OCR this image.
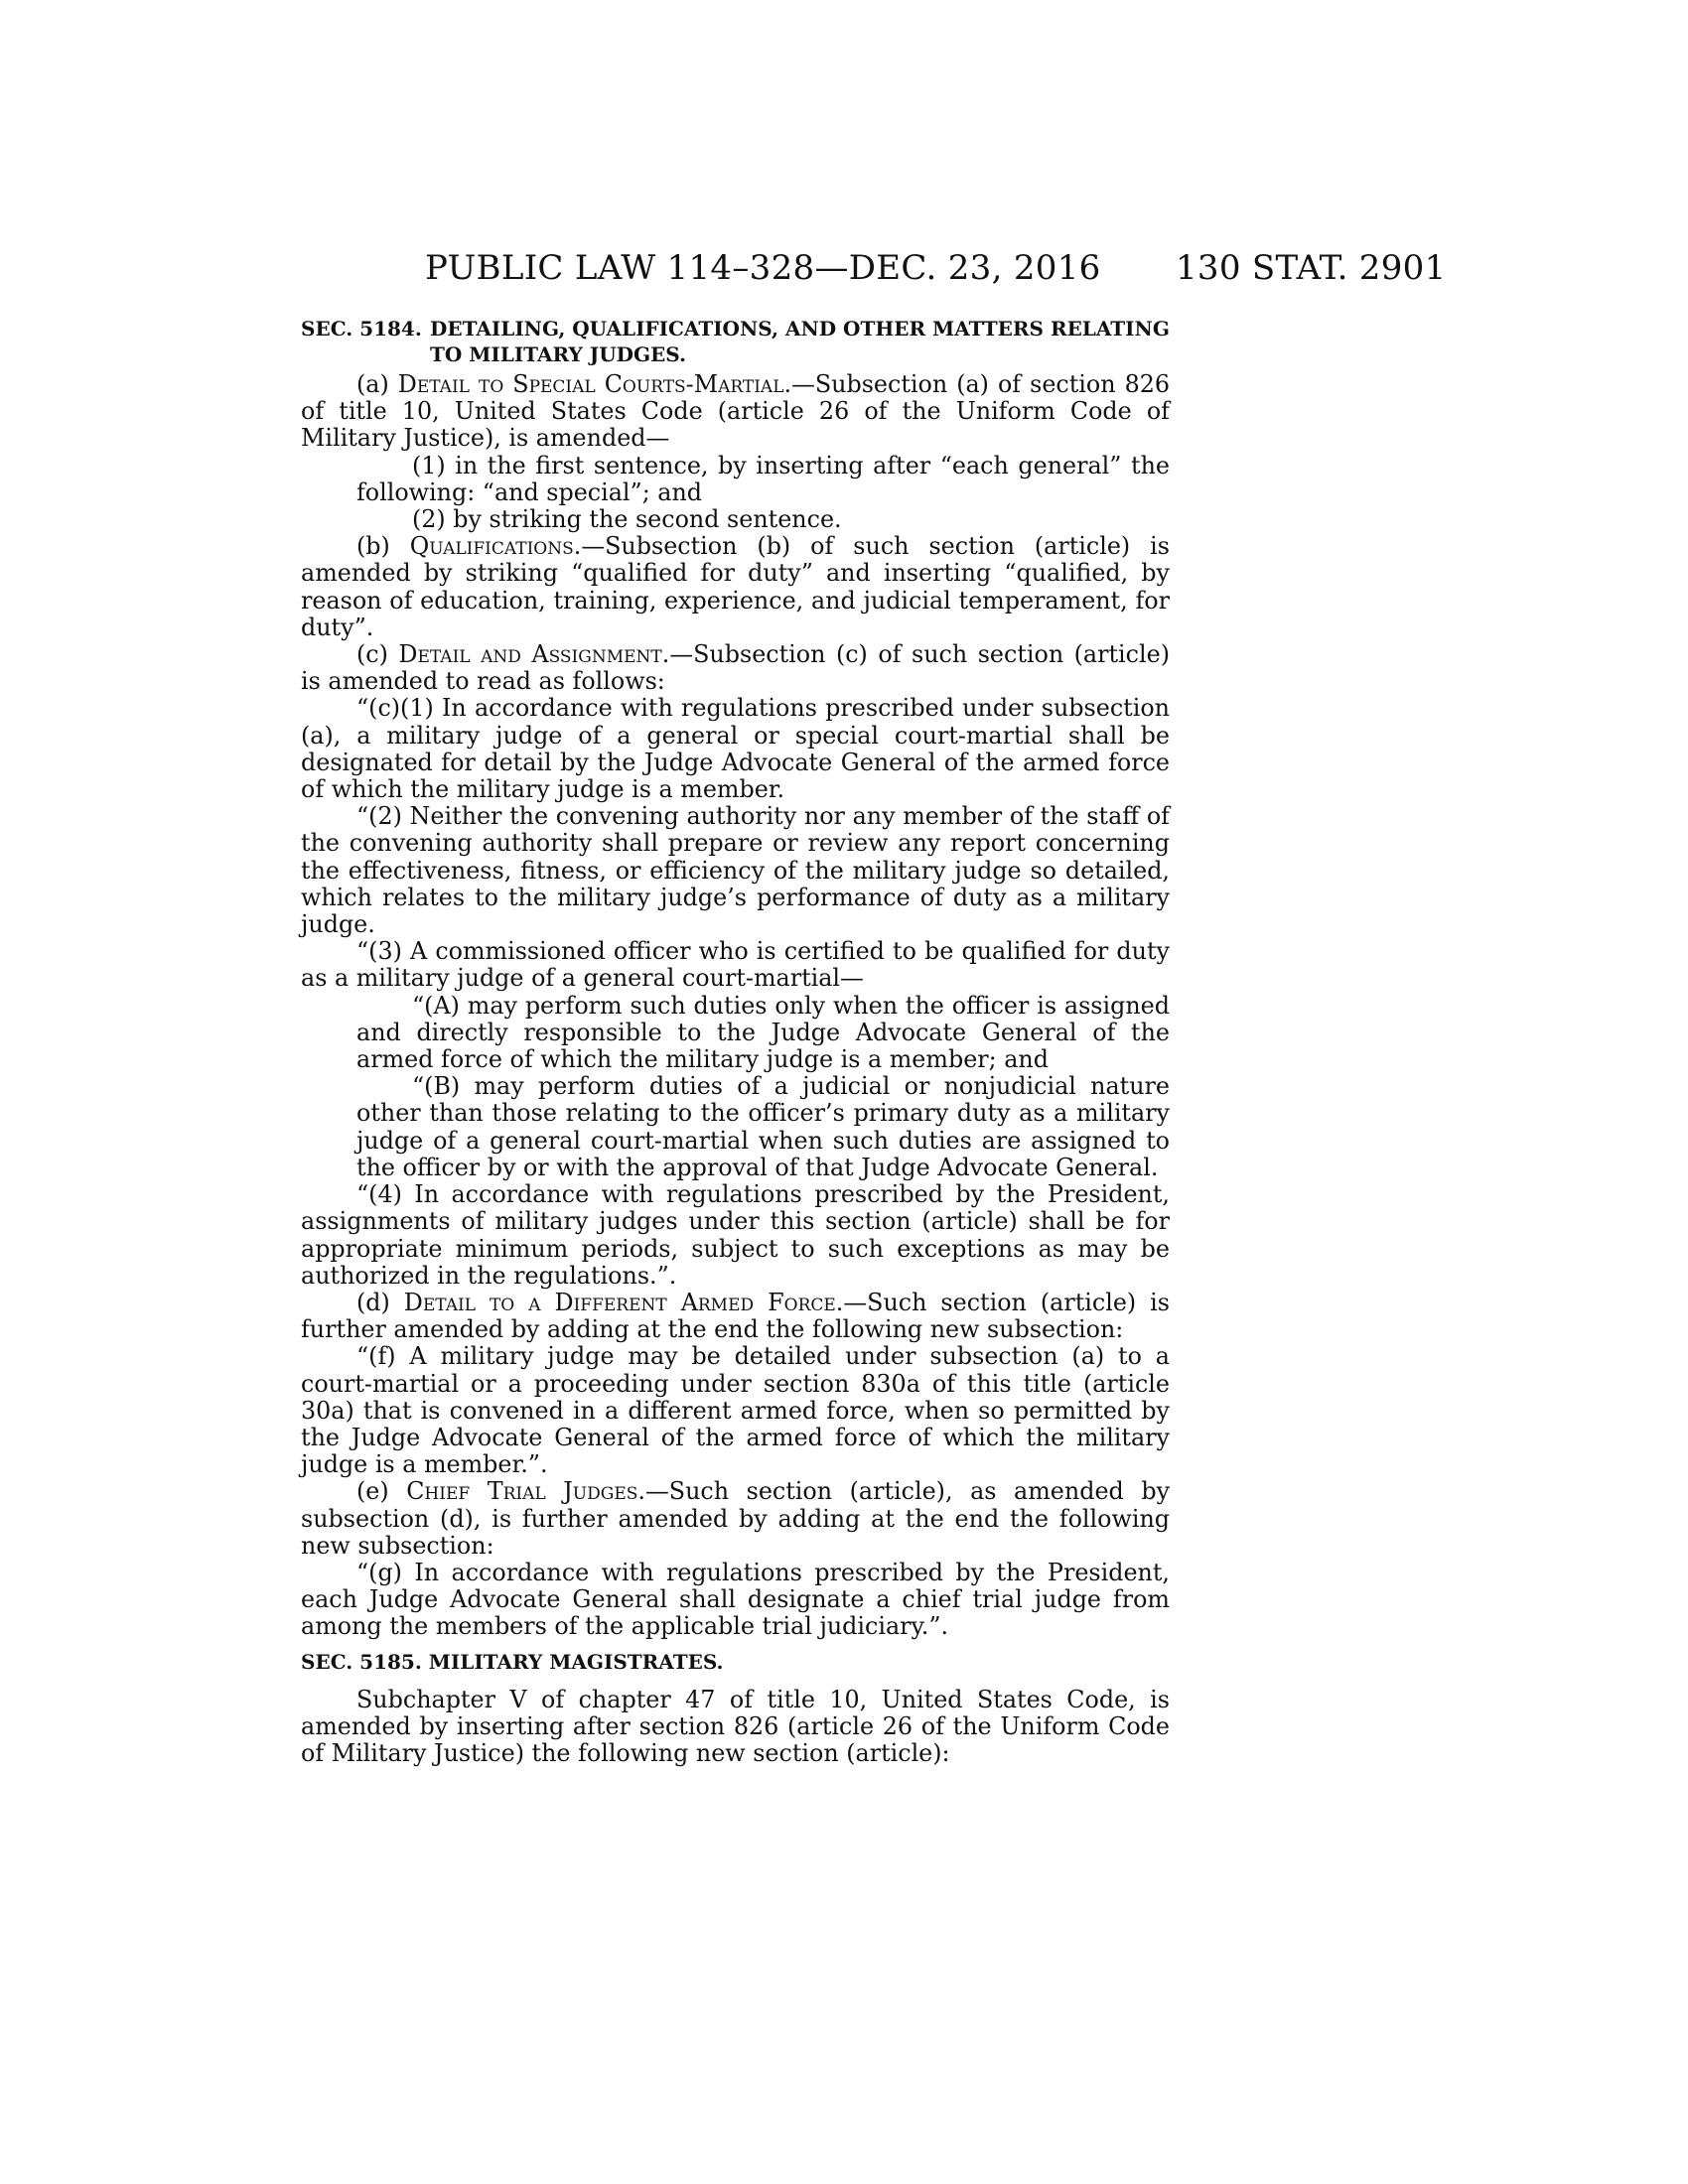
PUBLIC LAW 114–328—DEC. 23, 2016 130 STAT. 2901
SEC. 5184. DETAILING, QUALIFICATIONS, AND OTHER MATTERS RELATING TO MILITARY JUDGES.

(a) Detail to Special Courts-Martial.—Subsection (a) of section 826 of title 10, United States Code (article 26 of the Uniform Code of Military Justice), is amended—

(1) in the first sentence, by inserting after “each general” the following: “and special”; and

(2) by striking the second sentence.

(b) Qualifications.—Subsection (b) of such section (article) is amended by striking “qualified for duty” and inserting “qualified, by reason of education, training, experience, and judicial temperament, for duty”.

(c) Detail and Assignment.—Subsection (c) of such section (article) is amended to read as follows:

“(c)(1) In accordance with regulations prescribed under subsection (a), a military judge of a general or special court-martial shall be designated for detail by the Judge Advocate General of the armed force of which the military judge is a member.

“(2) Neither the convening authority nor any member of the staff of the convening authority shall prepare or review any report concerning the effectiveness, fitness, or efficiency of the military judge so detailed, which relates to the military judge’s performance of duty as a military judge.

“(3) A commissioned officer who is certified to be qualified for duty as a military judge of a general court-martial—

“(A) may perform such duties only when the officer is assigned and directly responsible to the Judge Advocate General of the armed force of which the military judge is a member; and

“(B) may perform duties of a judicial or nonjudicial nature other than those relating to the officer’s primary duty as a military judge of a general court-martial when such duties are assigned to the officer by or with the approval of that Judge Advocate General.

“(4) In accordance with regulations prescribed by the President, assignments of military judges under this section (article) shall be for appropriate minimum periods, subject to such exceptions as may be authorized in the regulations.”.

(d) Detail to a Different Armed Force.—Such section (article) is further amended by adding at the end the following new subsection:

“(f) A military judge may be detailed under subsection (a) to a court-martial or a proceeding under section 830a of this title (article 30a) that is convened in a different armed force, when so permitted by the Judge Advocate General of the armed force of which the military judge is a member.”.

(e) Chief Trial Judges.—Such section (article), as amended by subsection (d), is further amended by adding at the end the following new subsection:

“(g) In accordance with regulations prescribed by the President, each Judge Advocate General shall designate a chief trial judge from among the members of the applicable trial judiciary.”.

SEC. 5185. MILITARY MAGISTRATES.

Subchapter V of chapter 47 of title 10, United States Code, is amended by inserting after section 826 (article 26 of the Uniform Code of Military Justice) the following new section (article):
